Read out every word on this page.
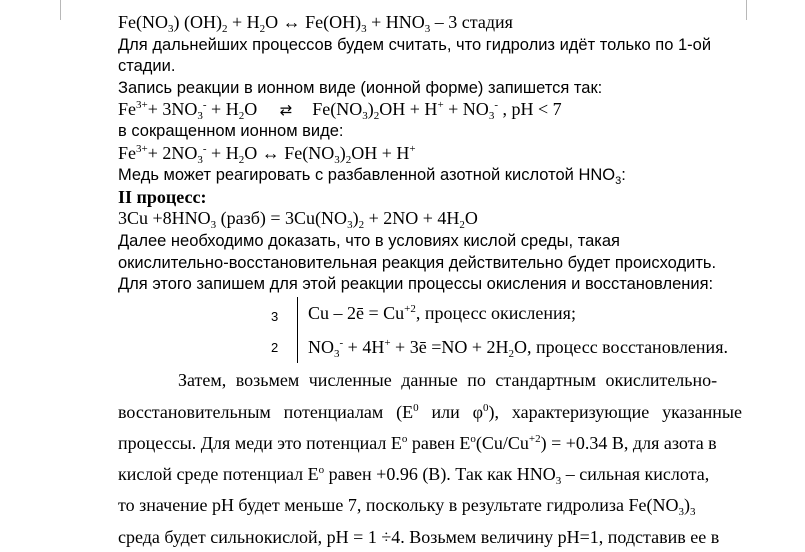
$Fe(NO_3) (OH)_2 + H_2O$ ↔ $Fe(OH)_3 + HNO_3 - 3$ стадия
Для дальнейших процессов будем считать, что гидролиз идёт только по 1-ой
стадии.
Запись реакции в ионном виде (ионной форме) запишется так:
$Fe^{3+}+ 3NO_3^- + H_2O$ ⇄ $Fe(NO_3)_2OH + H^+ + NO_3^-$ , pH < 7
в сокращенном ионном виде:
$Fe^{3+}+ 2NO_3^- + H_2O$ ↔ $Fe(NO_3)_2OH + H^+$
Медь может реагировать с разбавленной азотной кислотой $HNO_3$:
II процесс:
$3Cu +8HNO_3$ (разб) = $3Cu(NO_3)_2 + 2NO + 4H_2O$
Далее необходимо доказать, что в условиях кислой среды, такая
окислительно-восстановительная реакция действительно будет происходить.
Для этого запишем для этой реакции процессы окисления и восстановления:
3 Cu – 2ē = $Cu^{+2}$, процесс окисления;
2 $NO_3^- + 4H^+$ + 3ē $=NO + 2H_2O$, процесс восстановления.
Затем, возьмем численные данные по стандартным окислительно-
восстановительным потенциалам ($E^0$ или $\varphi^0$), характеризующие указанные
процессы. Для меди это потенциал $E^o$ равен $E^o(Cu/Cu^{+2}) = +0.34$ B, для азота в
кислой среде потенциал $E^o$ равен +0.96 (B). Так как $HNO_3$ – сильная кислота,
то значение pH будет меньше 7, поскольку в результате гидролиза $Fe(NO_3)_3$
среда будет сильнокислой, pH = 1 ÷4. Возьмем величину pH=1, подставив ее в
